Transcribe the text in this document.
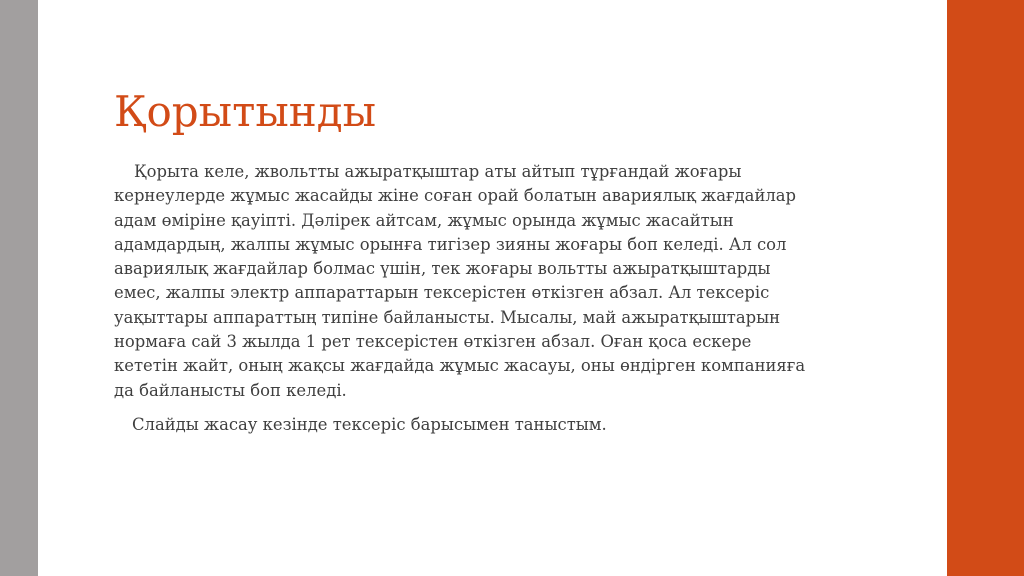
Қорытынды

Қорыта келе, жвольтты ажыратқыштар аты айтып тұрғандай жоғары кернеулерде жұмыс жасайды жіне соған орай болатын авариялық жағдайлар адам өміріне қауіпті. Дәлірек айтсам, жұмыс орында жұмыс жасайтын адамдардың, жалпы жұмыс орынға тигізер зияны жоғары боп келеді. Ал сол авариялық жағдайлар болмас үшін, тек жоғары вольтты ажыратқыштарды емес, жалпы электр аппараттарын тексерістен өткізген абзал. Ал тексеріс уақыттары аппараттың типіне байланысты. Мысалы, май ажыратқыштарын нормаға сай 3 жылда 1 рет тексерістен өткізген абзал. Оған қоса ескере кететін жайт, оның жақсы жағдайда жұмыс жасауы, оны өндірген компанияға да байланысты боп келеді.

Слайды жасау кезінде тексеріс барысымен таныстым.
